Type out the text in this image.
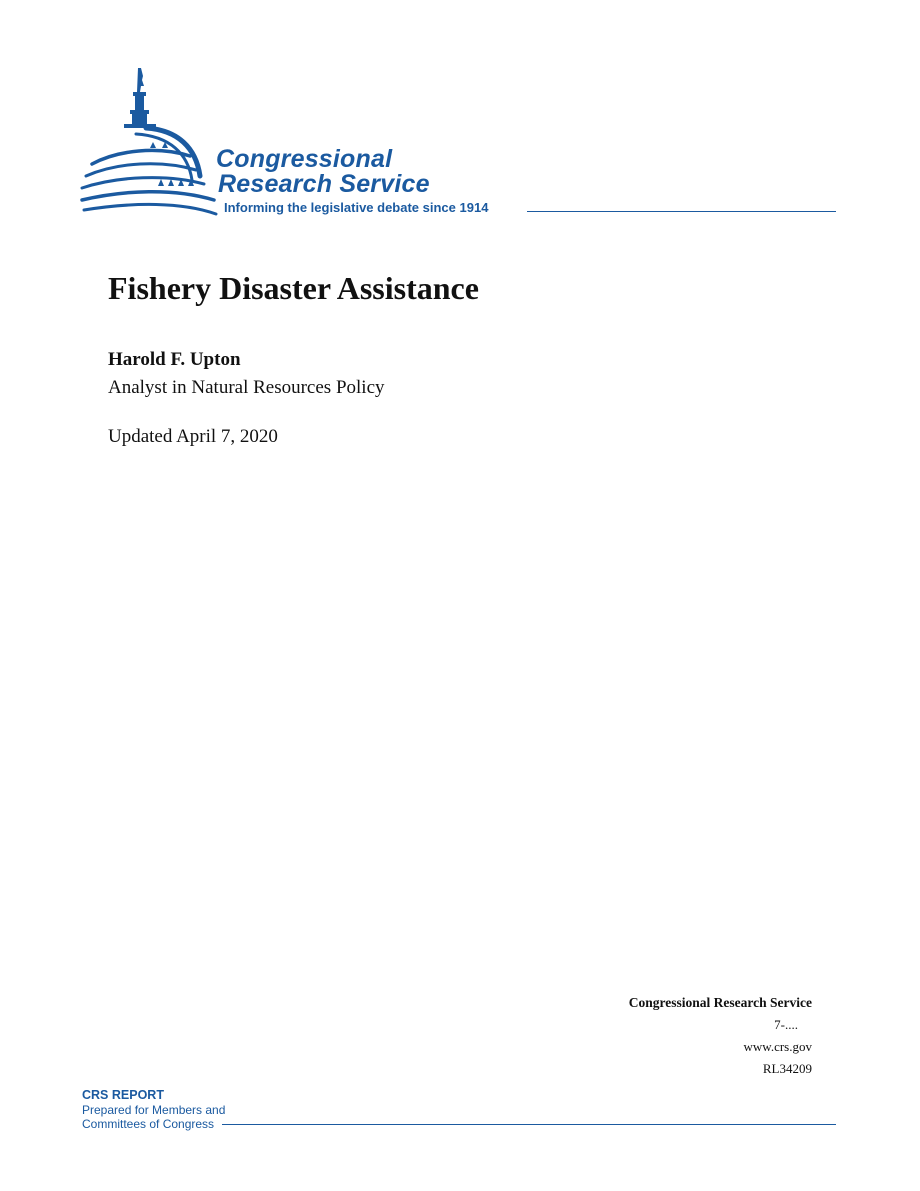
Congressional
Research Service
Informing the legislative debate since 1914
Fishery Disaster Assistance
Harold F. Upton
Analyst in Natural Resources Policy
Updated April 7, 2020
Congressional Research Service
7-....
www.crs.gov
RL34209
CRS REPORT
Prepared for Members and
Committees of Congress
